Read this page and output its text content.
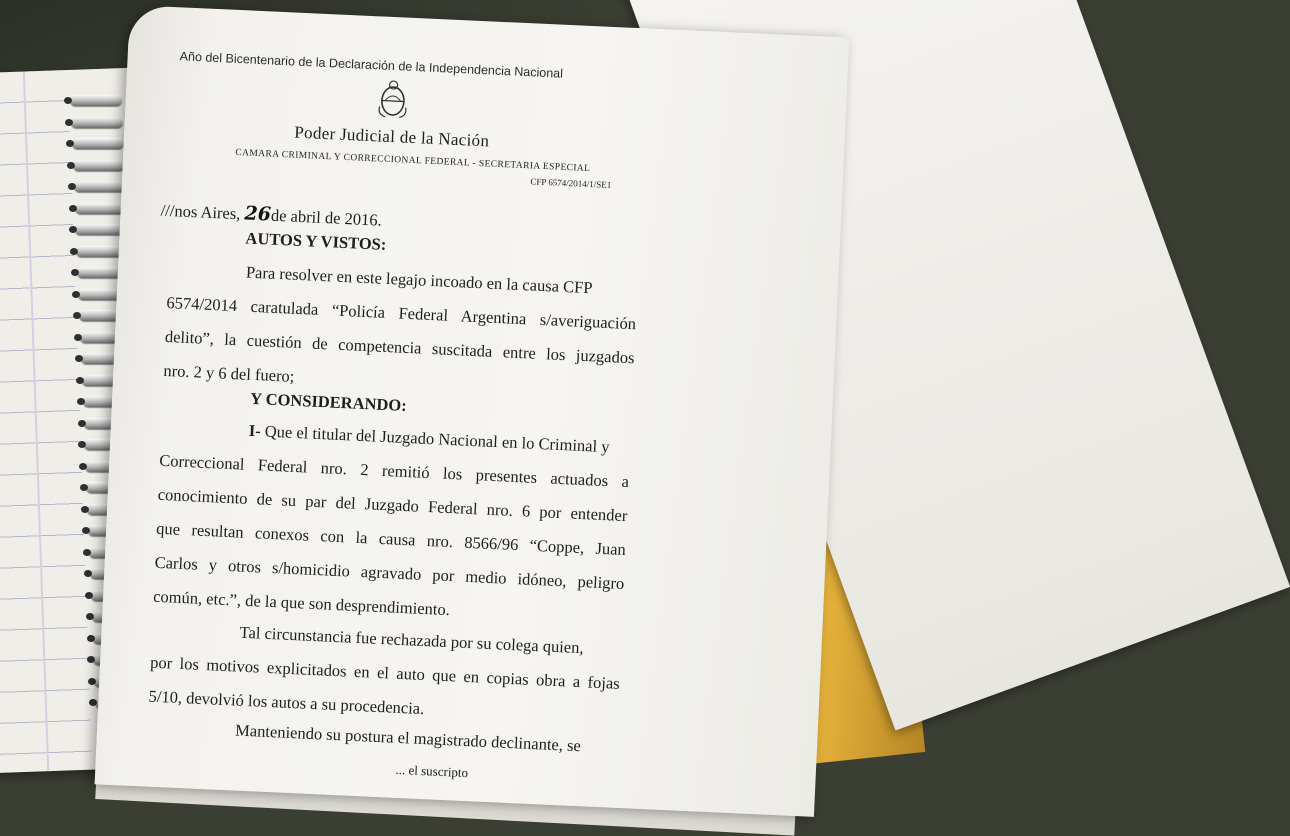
Año del Bicentenario de la Declaración de la Independencia Nacional
Poder Judicial de la Nación
CAMARA CRIMINAL Y CORRECCIONAL FEDERAL - SECRETARIA ESPECIAL
CFP 6574/2014/1/SE1
///nos Aires, 26de abril de 2016.
AUTOS Y VISTOS:
Para resolver en este legajo incoado en la causa CFP
6574/2014 caratulada “Policía Federal Argentina s/averiguación
delito”, la cuestión de competencia suscitada entre los juzgados
nro. 2 y 6 del fuero;
Y CONSIDERANDO:
I- Que el titular del Juzgado Nacional en lo Criminal y
Correccional Federal nro. 2 remitió los presentes actuados a
conocimiento de su par del Juzgado Federal nro. 6 por entender
que resultan conexos con la causa nro. 8566/96 “Coppe, Juan
Carlos y otros s/homicidio agravado por medio idóneo, peligro
común, etc.”, de la que son desprendimiento.
Tal circunstancia fue rechazada por su colega quien,
por los motivos explicitados en el auto que en copias obra a fojas
5/10, devolvió los autos a su procedencia.
Manteniendo su postura el magistrado declinante, se
... el suscripto
